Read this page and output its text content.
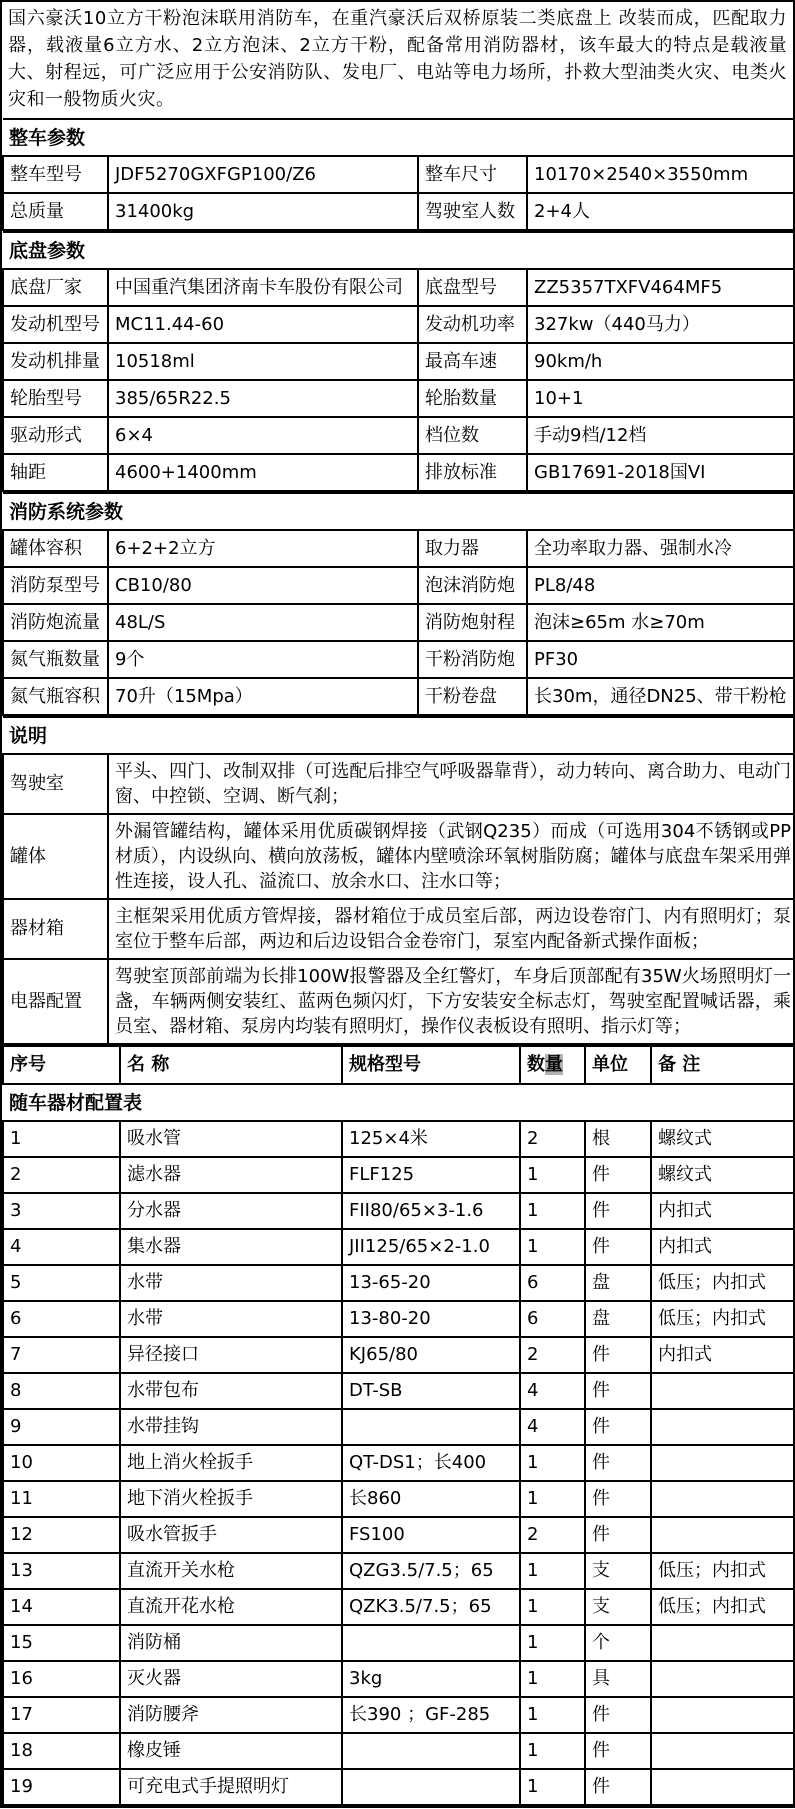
国六豪沃10立方干粉泡沫联用消防车，在重汽豪沃后双桥原装二类底盘上 改装而成，匹配取力器，载液量6立方水、2立方泡沫、2立方干粉，配备常用消防器材，该车最大的特点是载液量大、射程远，可广泛应用于公安消防队、发电厂、电站等电力场所，扑救大型油类火灾、电类火灾和一般物质火灾。
整车参数			
整车型号	JDF5270GXFGP100/Z6	整车尺寸	10170×2540×3550mm
总质量	31400kg	驾驶室人数	2+4人
底盘参数			
底盘厂家	中国重汽集团济南卡车股份有限公司	底盘型号	ZZ5357TXFV464MF5
发动机型号	MC11.44-60	发动机功率	327kw（440马力）
发动机排量	10518ml	最高车速	90km/h
轮胎型号	385/65R22.5	轮胎数量	10+1
驱动形式	6×4	档位数	手动9档/12档
轴距	4600+1400mm	排放标准	GB17691-2018国VI
消防系统参数			
罐体容积	6+2+2立方	取力器	全功率取力器、强制水冷
消防泵型号	CB10/80	泡沫消防炮	PL8/48
消防炮流量	48L/S	消防炮射程	泡沫≥65m 水≥70m
氮气瓶数量	9个	干粉消防炮	PF30
氮气瓶容积	70升（15Mpa）	干粉卷盘	长30m，通径DN25、带干粉枪
说明	
驾驶室	平头、四门、改制双排（可选配后排空气呼吸器靠背），动力转向、离合助力、电动门窗、中控锁、空调、断气刹；
罐体	外漏管罐结构，罐体采用优质碳钢焊接（武钢Q235）而成（可选用304不锈钢或PP材质），内设纵向、横向放荡板，罐体内壁喷涂环氧树脂防腐；罐体与底盘车架采用弹性连接，设人孔、溢流口、放余水口、注水口等；
器材箱	主框架采用优质方管焊接，器材箱位于成员室后部，两边设卷帘门、内有照明灯；泵室位于整车后部，两边和后边设铝合金卷帘门，泵室内配备新式操作面板；
电器配置	驾驶室顶部前端为长排100W报警器及全红警灯，车身后顶部配有35W火场照明灯一盏，车辆两侧安装红、蓝两色频闪灯，下方安装安全标志灯，驾驶室配置喊话器，乘员室、器材箱、泵房内均装有照明灯，操作仪表板设有照明、指示灯等；
随车器材配置表					
序号	名 称	规格型号	数量	单位	备 注
1	吸水管	125×4米	2	根	螺纹式
2	滤水器	FLF125	1	件	螺纹式
3	分水器	FII80/65×3-1.6	1	件	内扣式
4	集水器	JII125/65×2-1.0	1	件	内扣式
5	水带	13-65-20	6	盘	低压；内扣式
6	水带	13-80-20	6	盘	低压；内扣式
7	异径接口	KJ65/80	2	件	内扣式
8	水带包布	DT-SB	4	件	
9	水带挂钩		4	件	
10	地上消火栓扳手	QT-DS1；长400	1	件	
11	地下消火栓扳手	长860	1	件	
12	吸水管扳手	FS100	2	件	
13	直流开关水枪	QZG3.5/7.5；65	1	支	低压；内扣式
14	直流开花水枪	QZK3.5/7.5；65	1	支	低压；内扣式
15	消防桶		1	个	
16	灭火器	3kg	1	具	
17	消防腰斧	长390 ；GF-285	1	件	
18	橡皮锤		1	件	
19	可充电式手提照明灯		1	件	
